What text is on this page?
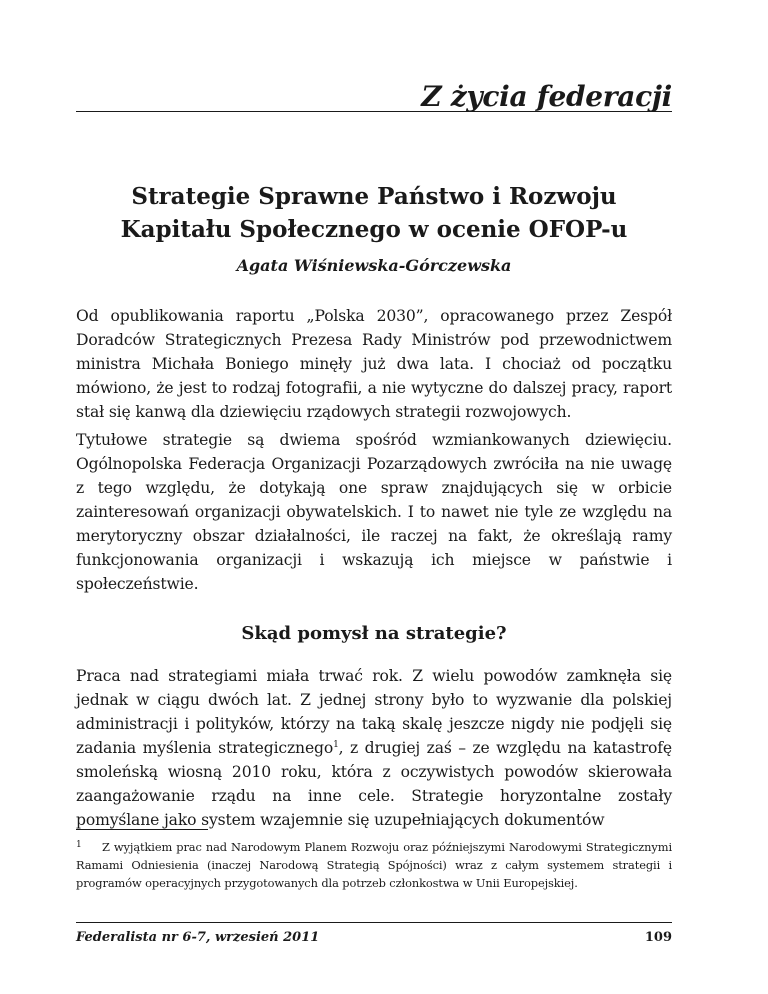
Z życia federacji
Strategie Sprawne Państwo i Rozwoju Kapitału Społecznego w ocenie OFOP-u
Agata Wiśniewska-Górczewska

Od opublikowania raportu „Polska 2030”, opracowanego przez Zespół Doradców Strategicznych Prezesa Rady Ministrów pod przewodnictwem ministra Michała Boniego minęły już dwa lata. I chociaż od początku mówiono, że jest to rodzaj fotografii, a nie wytyczne do dalszej pracy, raport stał się kanwą dla dziewięciu rządowych strategii rozwojowych.

Tytułowe strategie są dwiema spośród wzmiankowanych dziewięciu. Ogólnopolska Federacja Organizacji Pozarządowych zwróciła na nie uwagę z tego względu, że dotykają one spraw znajdujących się w orbicie zainteresowań organizacji obywatelskich. I to nawet nie tyle ze względu na merytoryczny obszar działalności, ile raczej na fakt, że określają ramy funkcjonowania organizacji i wskazują ich miejsce w państwie i społeczeństwie.

Skąd pomysł na strategie?

Praca nad strategiami miała trwać rok. Z wielu powodów zamknęła się jednak w ciągu dwóch lat. Z jednej strony było to wyzwanie dla polskiej administracji i polityków, którzy na taką skalę jeszcze nigdy nie podjęli się zadania myślenia strategicznego$^1$, z drugiej zaś – ze względu na katastrofę smoleńską wiosną 2010 roku, która z oczywistych powodów skierowała zaangażowanie rządu na inne cele. Strategie horyzontalne zostały pomyślane jako system wzajemnie się uzupełniających dokumentów

1 Z wyjątkiem prac nad Narodowym Planem Rozwoju oraz późniejszymi Narodowymi Strategicznymi Ramami Odniesienia (inaczej Narodową Strategią Spójności) wraz z całym systemem strategii i programów operacyjnych przygotowanych dla potrzeb członkostwa w Unii Europejskiej.
Federalista nr 6-7, wrzesień 2011	109
